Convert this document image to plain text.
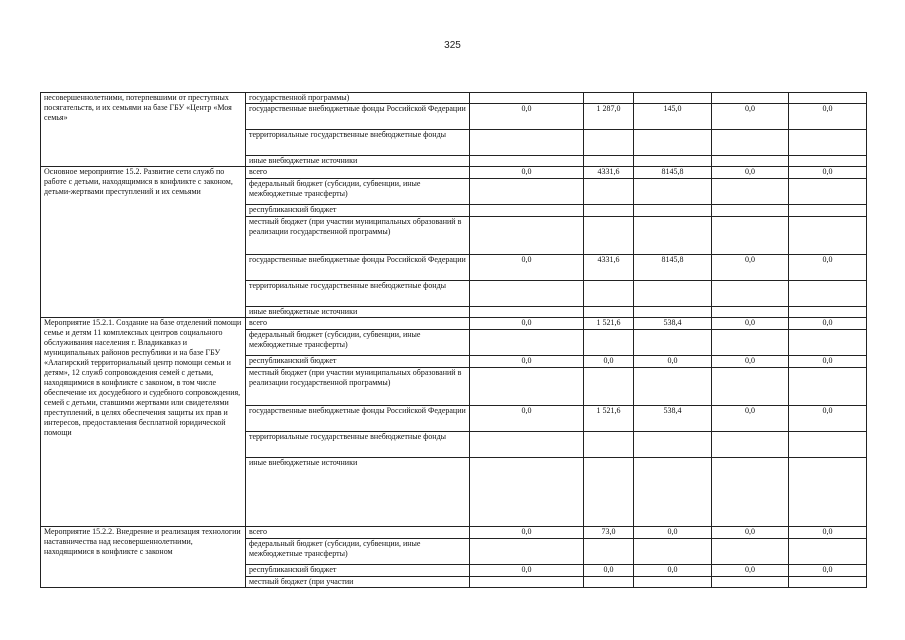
325
несовершеннолетними, потерпевшими от преступных посягательств, и их семьями на базе ГБУ «Центр «Моя семья»	государственной программы)					
	государственные внебюджетные фонды Российской Федерации	0,0	1 287,0	145,0	0,0	0,0
	территориальные государственные внебюджетные фонды					
	иные внебюджетные источники					
Основное мероприятие 15.2. Развитие сети служб по работе с детьми, находящимися в конфликте с законом, детьми-жертвами преступлений и их семьями	всего	0,0	4331,6	8145,8	0,0	0,0
	федеральный бюджет (субсидии, субвенции, иные межбюджетные трансферты)					
	республиканский бюджет					
	местный бюджет (при участии муниципальных образований в реализации государственной программы)					
	государственные внебюджетные фонды Российской Федерации	0,0	4331,6	8145,8	0,0	0,0
	территориальные государственные внебюджетные фонды					
	иные внебюджетные источники					
Мероприятие 15.2.1. Создание на базе отделений помощи семье и детям 11 комплексных центров социального обслуживания населения г. Владикавказ и муниципальных районов республики и на базе ГБУ «Алагирский территориальный центр помощи семьи и детям», 12 служб сопровождения семей с детьми, находящимися в конфликте с законом, в том числе обеспечение их досудебного и судебного сопровождения, семей с детьми, ставшими жертвами или свидетелями преступлений, в целях обеспечения защиты их прав и интересов, предоставления бесплатной юридической помощи	всего	0,0	1 521,6	538,4	0,0	0,0
	федеральный бюджет (субсидии, субвенции, иные межбюджетные трансферты)					
	республиканский бюджет	0,0	0,0	0,0	0,0	0,0
	местный бюджет (при участии муниципальных образований в реализации государственной программы)					
	государственные внебюджетные фонды Российской Федерации	0,0	1 521,6	538,4	0,0	0,0
	территориальные государственные внебюджетные фонды					
	иные внебюджетные источники					
Мероприятие 15.2.2. Внедрение и реализация технологии наставничества над несовершеннолетними, находящимися в конфликте с законом	всего	0,0	73,0	0,0	0,0	0,0
	федеральный бюджет (субсидии, субвенции, иные межбюджетные трансферты)					
	республиканский бюджет	0,0	0,0	0,0	0,0	0,0
	местный бюджет (при участии					
